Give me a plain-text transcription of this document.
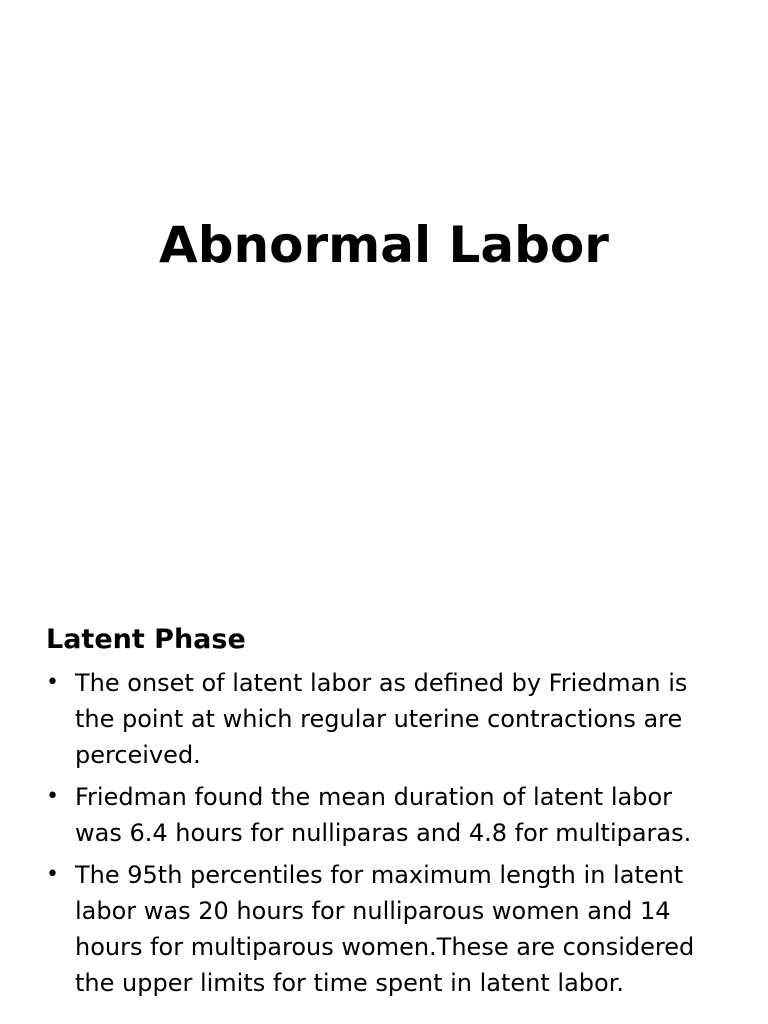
Abnormal Labor
Latent Phase
• The onset of latent labor as defined by Friedman is the point at which regular uterine contractions are perceived.
• Friedman found the mean duration of latent labor was 6.4 hours for nulliparas and 4.8 for multiparas.
• The 95th percentiles for maximum length in latent labor was 20 hours for nulliparous women and 14 hours for multiparous women.These are considered the upper limits for time spent in latent labor.
